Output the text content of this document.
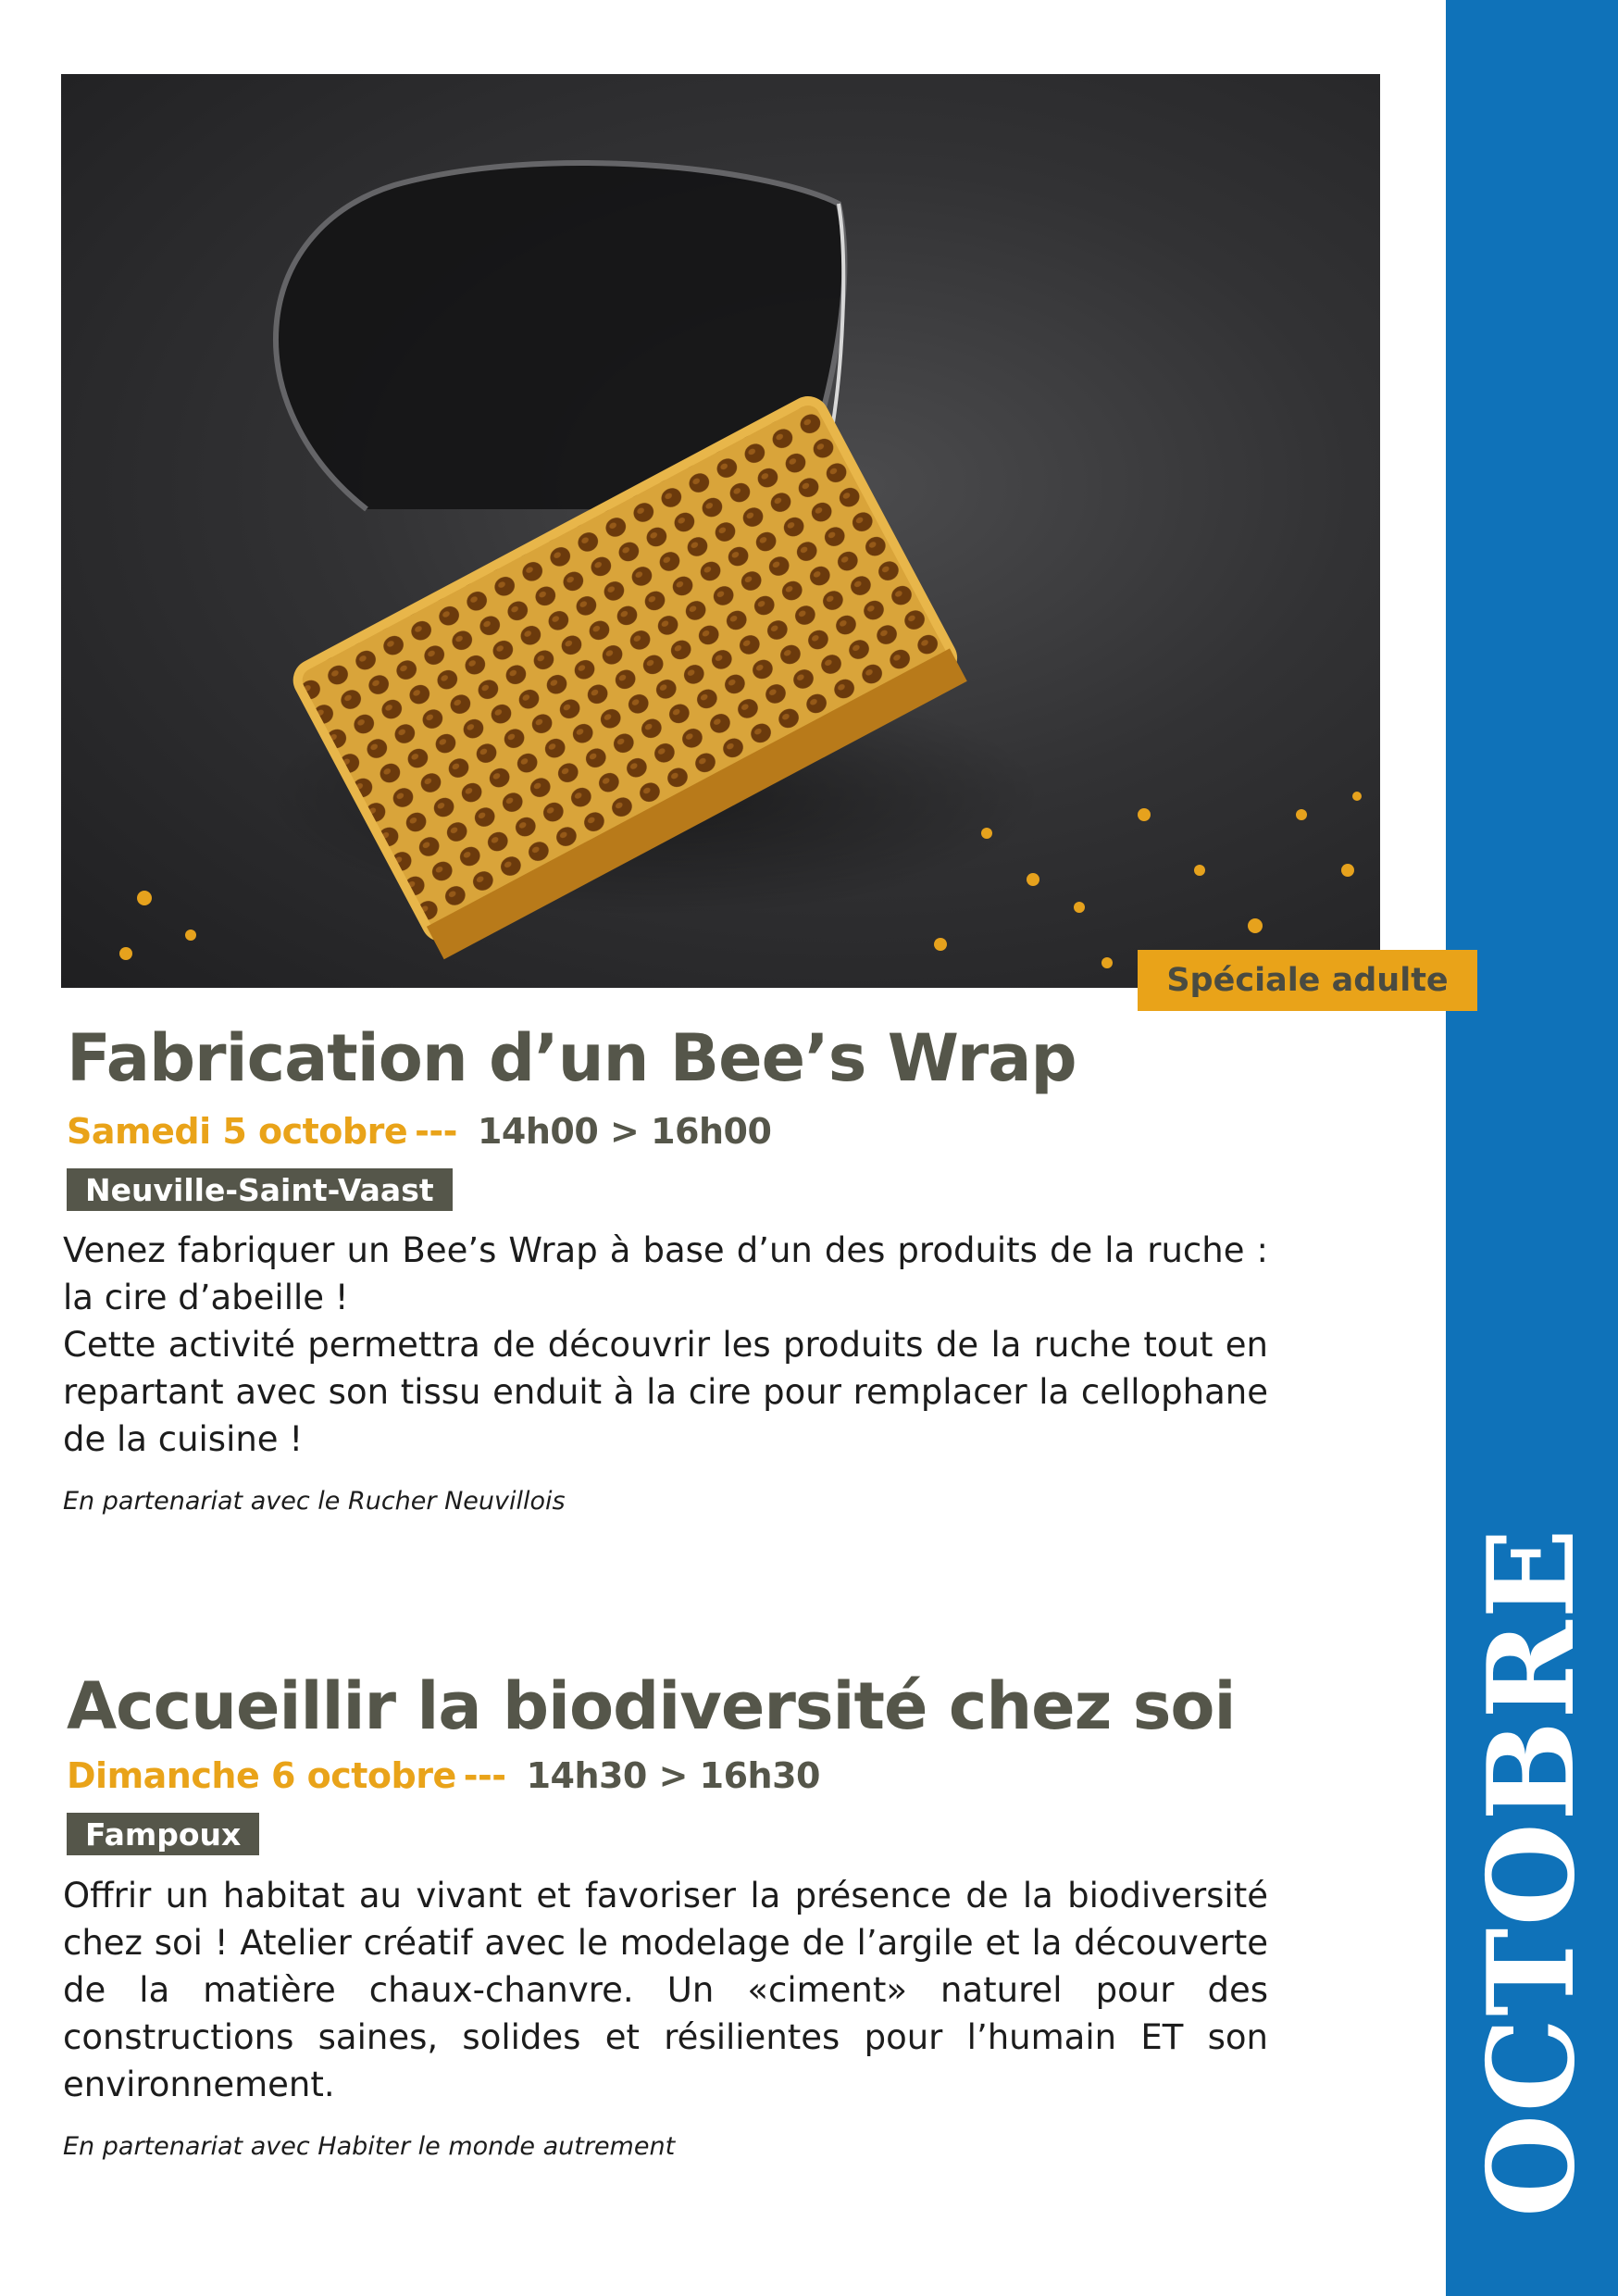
OCTOBRE
Spéciale adulte
Fabrication d’un Bee’s Wrap
Samedi 5 octobre --- 14h00 > 16h00
Neuville-Saint-Vaast
Venez fabriquer un Bee’s Wrap à base d’un des produits de la ruche : la cire d’abeille !
Cette activité permettra de découvrir les produits de la ruche tout en repartant avec son tissu enduit à la cire pour remplacer la cellophane de la cuisine !

En partenariat avec le Rucher Neuvillois

Accueillir la biodiversité chez soi
Dimanche 6 octobre --- 14h30 > 16h30
Fampoux
Offrir un habitat au vivant et favoriser la présence de la biodiversité chez soi ! Atelier créatif avec le modelage de l’argile et la découverte de la matière chaux-chanvre. Un «ciment» naturel pour des constructions saines, solides et résilientes pour l’humain ET son environnement.

En partenariat avec Habiter le monde autrement
